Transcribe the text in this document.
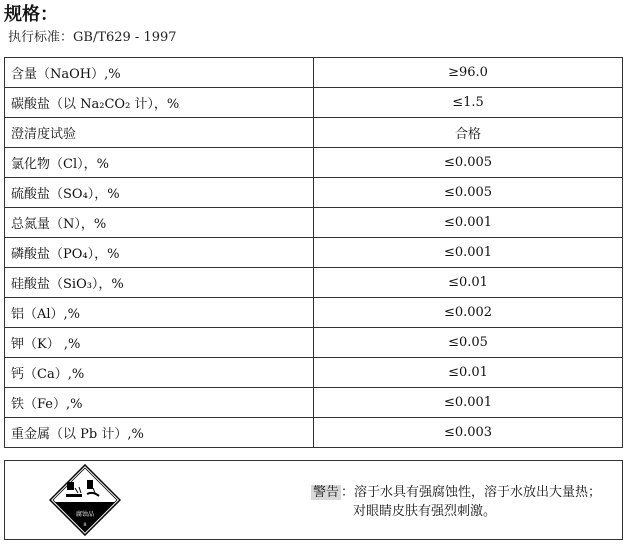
规格：
执行标准：GB/T629 - 1997
含量（NaOH）,%	≥96.0
碳酸盐（以 Na₂CO₂ 计），%	≤1.5
澄清度试验	合格
氯化物（Cl），%	≤0.005
硫酸盐（SO₄），%	≤0.005
总氮量（N），%	≤0.001
磷酸盐（PO₄），%	≤0.001
硅酸盐（SiO₃），%	≤0.01
铝（Al）,%	≤0.002
钾（K） ,%	≤0.05
钙（Ca）,%	≤0.01
铁（Fe）,%	≤0.001
重金属（以 Pb 计）,%	≤0.003
腐蚀品
8
警告 ：溶于水具有强腐蚀性，溶于水放出大量热；
对眼睛皮肤有强烈刺激。
